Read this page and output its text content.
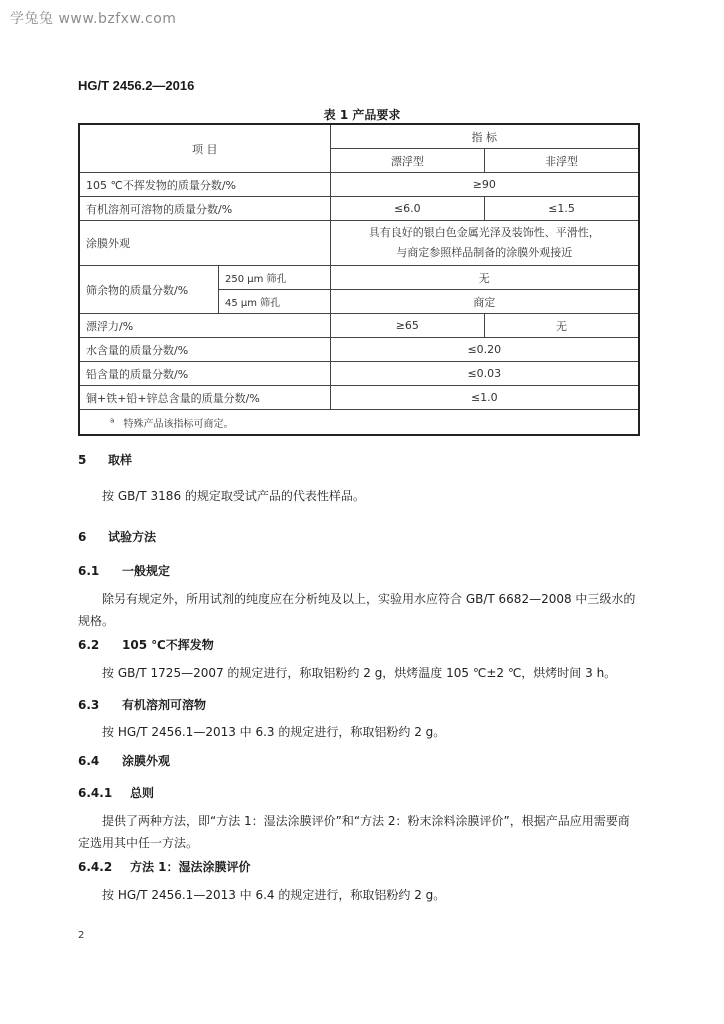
学兔兔 www.bzfxw.com
HG/T 2456.2—2016
表 1 产品要求
项 目		指 标	
		漂浮型	非浮型
105 ℃不挥发物的质量分数/%		≥90	
有机溶剂可溶物的质量分数/%		≤6.0	≤1.5
涂膜外观		具有良好的银白色金属光泽及装饰性、平滑性，
与商定参照样品制备的涂膜外观接近	

筛余物的质量分数/%	250 μm 筛孔	无	
	45 μm 筛孔	商定	
漂浮力/%		≥65	无
水含量的质量分数/%		≤0.20	
铅含量的质量分数/%		≤0.03	
铜+铁+铅+锌总含量的质量分数/%		≤1.0	
$^a$ 特殊产品该指标可商定。			
5 取样
按 GB/T 3186 的规定取受试产品的代表性样品。
6 试验方法
6.1 一般规定
除另有规定外，所用试剂的纯度应在分析纯及以上，实验用水应符合 GB/T 6682—2008 中三级水的规格。
6.2 105 ℃不挥发物
按 GB/T 1725—2007 的规定进行，称取铝粉约 2 g，烘烤温度 105 ℃±2 ℃，烘烤时间 3 h。
6.3 有机溶剂可溶物
按 HG/T 2456.1—2013 中 6.3 的规定进行，称取铝粉约 2 g。
6.4 涂膜外观
6.4.1 总则
提供了两种方法，即“方法 1：湿法涂膜评价”和“方法 2：粉末涂料涂膜评价”，根据产品应用需要商定选用其中任一方法。
6.4.2 方法 1：湿法涂膜评价
按 HG/T 2456.1—2013 中 6.4 的规定进行，称取铝粉约 2 g。
2
